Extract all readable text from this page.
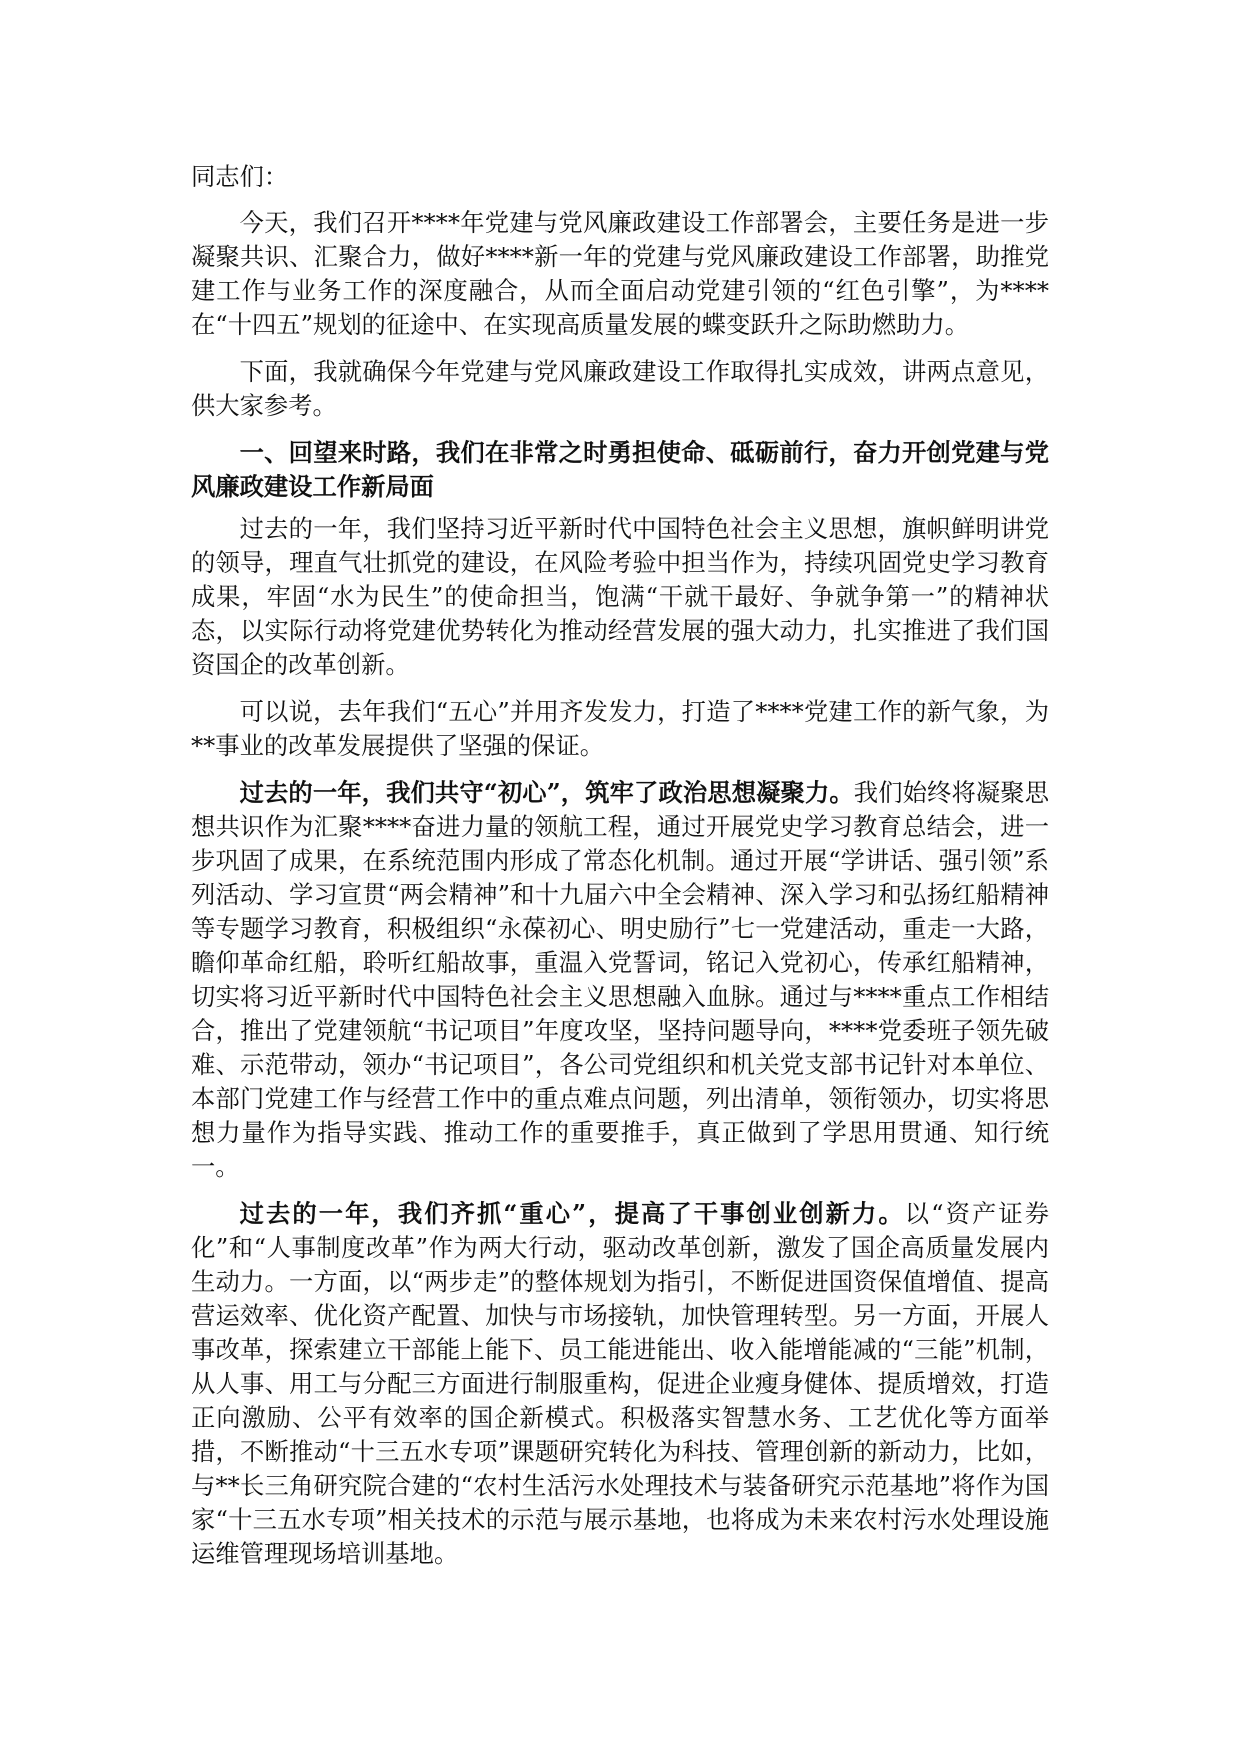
同志们：

今天，我们召开****年党建与党风廉政建设工作部署会，主要任务是进一步凝聚共识、汇聚合力，做好****新一年的党建与党风廉政建设工作部署，助推党建工作与业务工作的深度融合，从而全面启动党建引领的“红色引擎”，为****在“十四五”规划的征途中、在实现高质量发展的蝶变跃升之际助燃助力。

下面，我就确保今年党建与党风廉政建设工作取得扎实成效，讲两点意见，供大家参考。

一、回望来时路，我们在非常之时勇担使命、砥砺前行，奋力开创党建与党风廉政建设工作新局面

过去的一年，我们坚持习近平新时代中国特色社会主义思想，旗帜鲜明讲党的领导，理直气壮抓党的建设，在风险考验中担当作为，持续巩固党史学习教育成果，牢固“水为民生”的使命担当，饱满“干就干最好、争就争第一”的精神状态，以实际行动将党建优势转化为推动经营发展的强大动力，扎实推进了我们国资国企的改革创新。

可以说，去年我们“五心”并用齐发发力，打造了****党建工作的新气象，为**事业的改革发展提供了坚强的保证。

过去的一年，我们共守“初心”，筑牢了政治思想凝聚力。我们始终将凝聚思想共识作为汇聚****奋进力量的领航工程，通过开展党史学习教育总结会，进一步巩固了成果，在系统范围内形成了常态化机制。通过开展“学讲话、强引领”系列活动、学习宣贯“两会精神”和十九届六中全会精神、深入学习和弘扬红船精神等专题学习教育，积极组织“永葆初心、明史励行”七一党建活动，重走一大路，瞻仰革命红船，聆听红船故事，重温入党誓词，铭记入党初心，传承红船精神，切实将习近平新时代中国特色社会主义思想融入血脉。通过与****重点工作相结合，推出了党建领航“书记项目”年度攻坚，坚持问题导向，****党委班子领先破难、示范带动，领办“书记项目”，各公司党组织和机关党支部书记针对本单位、本部门党建工作与经营工作中的重点难点问题，列出清单，领衔领办，切实将思想力量作为指导实践、推动工作的重要推手，真正做到了学思用贯通、知行统一。

过去的一年，我们齐抓“重心”，提高了干事创业创新力。以“资产证券化”和“人事制度改革”作为两大行动，驱动改革创新，激发了国企高质量发展内生动力。一方面，以“两步走”的整体规划为指引，不断促进国资保值增值、提高营运效率、优化资产配置、加快与市场接轨，加快管理转型。另一方面，开展人事改革，探索建立干部能上能下、员工能进能出、收入能增能减的“三能”机制，从人事、用工与分配三方面进行制服重构，促进企业瘦身健体、提质增效，打造正向激励、公平有效率的国企新模式。积极落实智慧水务、工艺优化等方面举措，不断推动“十三五水专项”课题研究转化为科技、管理创新的新动力，比如，与**长三角研究院合建的“农村生活污水处理技术与装备研究示范基地”将作为国家“十三五水专项”相关技术的示范与展示基地，也将成为未来农村污水处理设施运维管理现场培训基地。
